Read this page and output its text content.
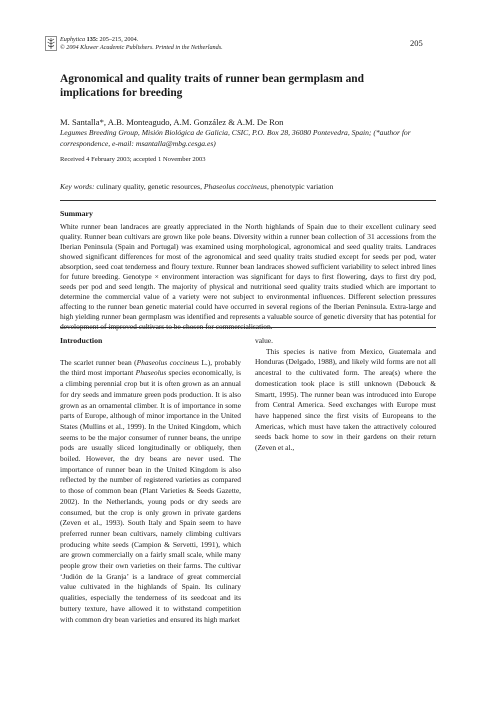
Euphytica 135: 205–215, 2004.
© 2004 Kluwer Academic Publishers. Printed in the Netherlands.	205
Agronomical and quality traits of runner bean germplasm and implications for breeding
M. Santalla*, A.B. Monteagudo, A.M. González & A.M. De Ron
Legumes Breeding Group, Misión Biológica de Galicia, CSIC, P.O. Box 28, 36080 Pontevedra, Spain; (*author for correspondence, e-mail: msantalla@mbg.cesga.es)
Received 4 February 2003; accepted 1 November 2003
Key words: culinary quality, genetic resources, Phaseolus coccineus, phenotypic variation
Summary

White runner bean landraces are greatly appreciated in the North highlands of Spain due to their excellent culinary seed quality. Runner bean cultivars are grown like pole beans. Diversity within a runner bean collection of 31 accessions from the Iberian Peninsula (Spain and Portugal) was examined using morphological, agronomical and seed quality traits. Landraces showed significant differences for most of the agronomical and seed quality traits studied except for seeds per pod, water absorption, seed coat tenderness and floury texture. Runner bean landraces showed sufficient variability to select inbred lines for future breeding. Genotype × environment interaction was significant for days to first flowering, days to first dry pod, seeds per pod and seed length. The majority of physical and nutritional seed quality traits studied which are important to determine the commercial value of a variety were not subject to environmental influences. Different selection pressures affecting to the runner bean genetic material could have occurred in several regions of the Iberian Peninsula. Extra-large and high yielding runner bean germplasm was identified and represents a valuable source of genetic diversity that has potential for development of improved cultivars to be chosen for commercialisation.

Introduction

The scarlet runner bean (Phaseolus coccineus L.), probably the third most important Phaseolus species economically, is a climbing perennial crop but it is often grown as an annual for dry seeds and immature green pods production. It is also grown as an ornamental climber. It is of importance in some parts of Europe, although of minor importance in the United States (Mullins et al., 1999). In the United Kingdom, which seems to be the major consumer of runner beans, the unripe pods are usually sliced longitudinally or obliquely, then boiled. However, the dry beans are never used. The importance of runner bean in the United Kingdom is also reflected by the number of registered varieties as compared to those of common bean (Plant Varieties & Seeds Gazette, 2002). In the Netherlands, young pods or dry seeds are consumed, but the crop is only grown in private gardens (Zeven et al., 1993). South Italy and Spain seem to have preferred runner bean cultivars, namely climbing cultivars producing white seeds (Campion & Servetti, 1991), which are grown commercially on a fairly small scale, while many people grow their own varieties on their farms. The cultivar ‘Judión de la Granja’ is a landrace of great commercial value cultivated in the highlands of Spain. Its culinary qualities, especially the tenderness of its seedcoat and its buttery texture, have allowed it to withstand competition with common dry bean varieties and ensured its high market

value.

This species is native from Mexico, Guatemala and Honduras (Delgado, 1988), and likely wild forms are not all ancestral to the cultivated form. The area(s) where the domestication took place is still unknown (Debouck & Smartt, 1995). The runner bean was introduced into Europe from Central America. Seed exchanges with Europe must have happened since the first visits of Europeans to the Americas, which must have taken the attractively coloured seeds back home to sow in their gardens on their return (Zeven et al.,
